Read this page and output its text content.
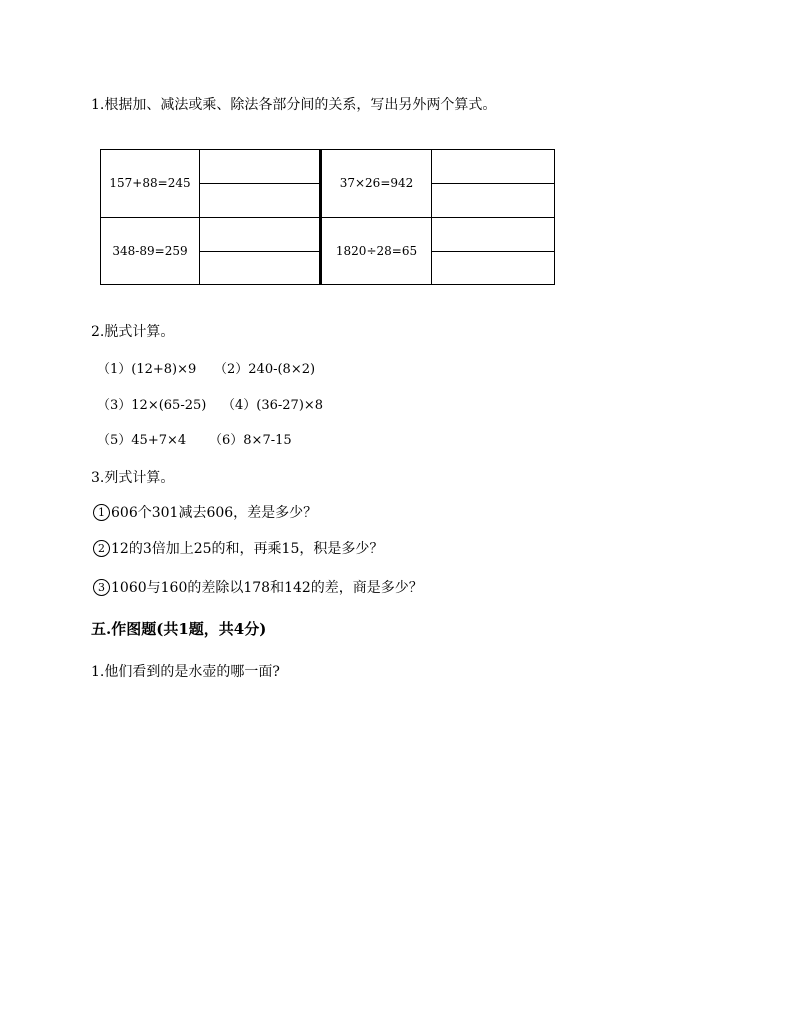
1.根据加、减法或乘、除法各部分间的关系，写出另外两个算式。
157+88=245		37×26=942	

348-89=259		1820÷28=65	
2.脱式计算。
（1）(12+8)×9 （2）240-(8×2)
（3）12×(65-25) （4）(36-27)×8
（5）45+7×4 （6）8×7-15
3.列式计算。
1 606个301减去606，差是多少？
2 12的3倍加上25的和，再乘15，积是多少？
3 1060与160的差除以178和142的差，商是多少？
五.作图题(共1题，共4分)
1.他们看到的是水壶的哪一面?
